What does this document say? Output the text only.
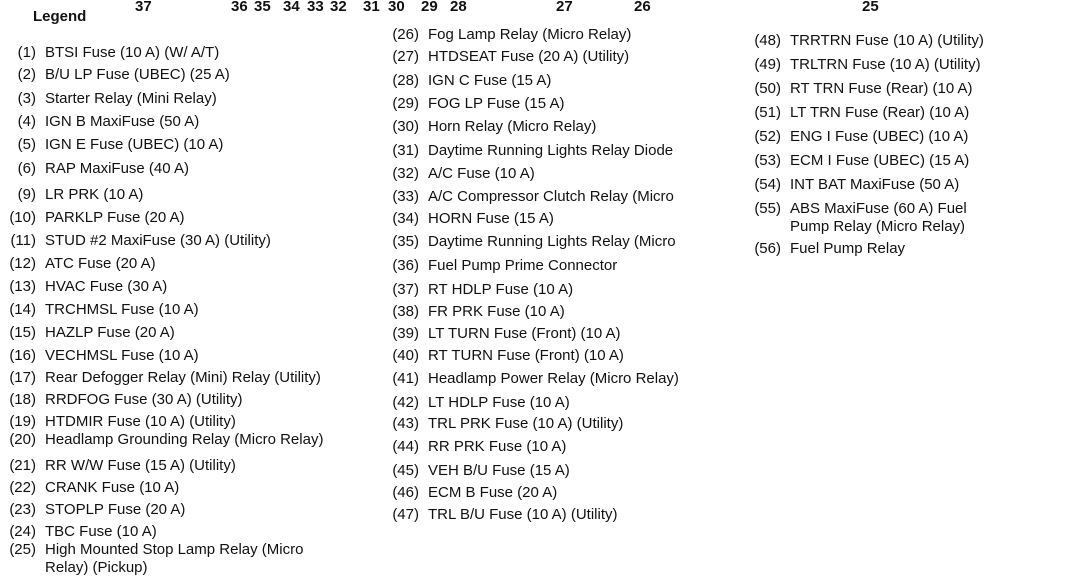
37	36 35 34 33 32 31 30 29 28	27	26	25
Legend
(1) BTSI Fuse (10 A) (W/ A/T)
(2) B/U LP Fuse (UBEC) (25 A)
(3) Starter Relay (Mini Relay)
(4) IGN B MaxiFuse (50 A)
(5) IGN E Fuse (UBEC) (10 A)
(6) RAP MaxiFuse (40 A)
(9) LR PRK (10 A)
(10) PARKLP Fuse (20 A)
(11) STUD #2 MaxiFuse (30 A) (Utility)
(12) ATC Fuse (20 A)
(13) HVAC Fuse (30 A)
(14) TRCHMSL Fuse (10 A)
(15) HAZLP Fuse (20 A)
(16) VECHMSL Fuse (10 A)
(17) Rear Defogger Relay (Mini) Relay (Utility)
(18) RRDFOG Fuse (30 A) (Utility)
(19) HTDMIR Fuse (10 A) (Utility)
(20) Headlamp Grounding Relay (Micro Relay)
(21) RR W/W Fuse (15 A) (Utility)
(22) CRANK Fuse (10 A)
(23) STOPLP Fuse (20 A)
(24) TBC Fuse (10 A)
(25) High Mounted Stop Lamp Relay (Micro
Relay) (Pickup)
(26) Fog Lamp Relay (Micro Relay)
(27) HTDSEAT Fuse (20 A) (Utility)
(28) IGN C Fuse (15 A)
(29) FOG LP Fuse (15 A)
(30) Horn Relay (Micro Relay)
(31) Daytime Running Lights Relay Diode
(32) A/C Fuse (10 A)
(33) A/C Compressor Clutch Relay (Micro
(34) HORN Fuse (15 A)
(35) Daytime Running Lights Relay (Micro
(36) Fuel Pump Prime Connector
(37) RT HDLP Fuse (10 A)
(38) FR PRK Fuse (10 A)
(39) LT TURN Fuse (Front) (10 A)
(40) RT TURN Fuse (Front) (10 A)
(41) Headlamp Power Relay (Micro Relay)
(42) LT HDLP Fuse (10 A)
(43) TRL PRK Fuse (10 A) (Utility)
(44) RR PRK Fuse (10 A)
(45) VEH B/U Fuse (15 A)
(46) ECM B Fuse (20 A)
(47) TRL B/U Fuse (10 A) (Utility)
(48) TRRTRN Fuse (10 A) (Utility)
(49) TRLTRN Fuse (10 A) (Utility)
(50) RT TRN Fuse (Rear) (10 A)
(51) LT TRN Fuse (Rear) (10 A)
(52) ENG I Fuse (UBEC) (10 A)
(53) ECM I Fuse (UBEC) (15 A)
(54) INT BAT MaxiFuse (50 A)
(55) ABS MaxiFuse (60 A) Fuel
Pump Relay (Micro Relay)
(56) Fuel Pump Relay
